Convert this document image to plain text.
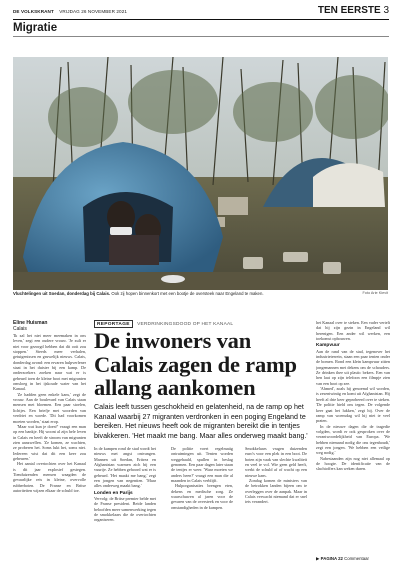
DE VOLKSKRANT VRIJDAG 26 NOVEMBER 2021	TEN EERSTE 3
Migratie
Vluchtelingen uit Soedan, donderdag bij Calais. Ook zij hopen binnenkort met een bootje de oversteek naar Engeland te maken.	Foto Arie Kievit
Eline Huisman
Calais
REPORTAGE VERDRINKINGSDOOD OP HET KANAAL
De inwoners van Calais zagen de ramp allang aankomen
Calais leeft tussen geschokheid en gelatenheid, na de ramp op het Kanaal waarbij 27 migranten verdronken in een poging Engeland te bereiken. Het nieuws heeft ook de migranten bereikt die in tentjes bivakkeren. 'Het maakt me bang. Maar alles onderweg maakt bang.'

'Ik zal het niet meer meemaken in ons leven,' zegt een oudere vrouw. 'Je zult er niet voor gezorgd hebben dat dit ooit zou stoppen.' Steeds meer verhalen, getuigenissen en gruwelijk nieuws. Calais, donderdag avond: een ervaren hulpverlener staat in het duister bij een kamp. De onderzoekers zoeken naar wat er is gebeurd toen de kleine boot met migranten omsloeg in het ijskoude water van het Kanaal.

'Ze hadden geen enkele kans,' zegt de vrouw. Aan de boulevard van Calais staan mensen met bloemen. Een paar stoelen, lichtjes. Een briefje met woorden van verdriet en woede. 'Dit had voorkomen moeten worden,' staat erop.

'Maar wat kun je doen?' vraagt een man op een bankje. Hij woont al zijn hele leven in Calais en heeft de stroom van migranten zien aanzwellen. 'Ze komen, ze wachten, ze proberen het. Soms lukt het, soms niet. Iedereen wist dat dit een keer zou gebeuren.'

Het aantal overtochten over het Kanaal is dit jaar explosief gestegen. Tienduizenden mensen waagden de gevaarlijke reis in kleine, overvolle rubberboten. De Franse en Britse autoriteiten wijzen elkaar de schuld toe.

In de kampen rond de stad wordt het nieuws met angst ontvangen. Mannen uit Soedan, Eritrea en Afghanistan warmen zich bij een vuurtje. Ze hebben gehoord wat er is gebeurd. 'Het maakt me bang,' zegt een jongen van negentien. 'Maar alles onderweg maakt bang.'

Londen en Parijs

Vervolg: de Britse premier belde met de Franse president. Beide landen beloofden meer samenwerking tegen de smokkelaars die de overtochten organiseren.

De politie voert regelmatig ontruimingen uit. Tenten worden weggehaald, spullen in beslag genomen. Een paar dagen later staan de tentjes er weer. 'Waar moeten we anders heen?' vraagt een man die al maanden in Calais verblijft.

Hulporganisaties brengen eten, dekens en medische zorg. Ze waarschuwen al jaren voor de gevaren van de oversteek en voor de omstandigheden in de kampen.

Smokkelaars vragen duizenden euro's voor een plek in een boot. De boten zijn vaak van slechte kwaliteit en veel te vol. Wie geen geld heeft, werkt de schuld af of wacht op een nieuwe kans.

Zondag komen de ministers van de betrokken landen bijeen om te overleggen over de aanpak. Maar in Calais verwacht niemand dat er snel iets verandert.

het Kanaal over te steken. Een vader vertelt dat hij zijn gezin in Engeland wil herenigen. Een ander wil werken, een toekomst opbouwen.

Kampvuur

Aan de rand van de stad, tegenover het industrieterrein, staan een paar tenten onder de bomen. Rond een klein kampvuur zitten jongemannen met dekens om de schouders. Ze drinken thee uit plastic bekers. Een van hen laat op zijn telefoon een filmpje zien van een boot op zee.

'Ahmed', zoals hij genoemd wil worden, is zesentwintig en komt uit Afghanistan. Hij heeft al drie keer geprobeerd over te steken. 'De politie hield ons tegen. De volgende keer gaat het lukken,' zegt hij. Over de ramp van woensdag wil hij niet te veel praten.

In de nieuwe dagen die de tragedie volgden, wordt er ook gesproken over de verantwoordelijkheid van Europa. 'We hebben niemand nodig die ons tegenhoudt,' zegt een jongen. 'We hebben een veilige weg nodig.'

Nabestaanden zijn nog niet allemaal op de hoogte. De identificatie van de slachtoffers kan weken duren.

▶ PAGINA 22 Commentaar
